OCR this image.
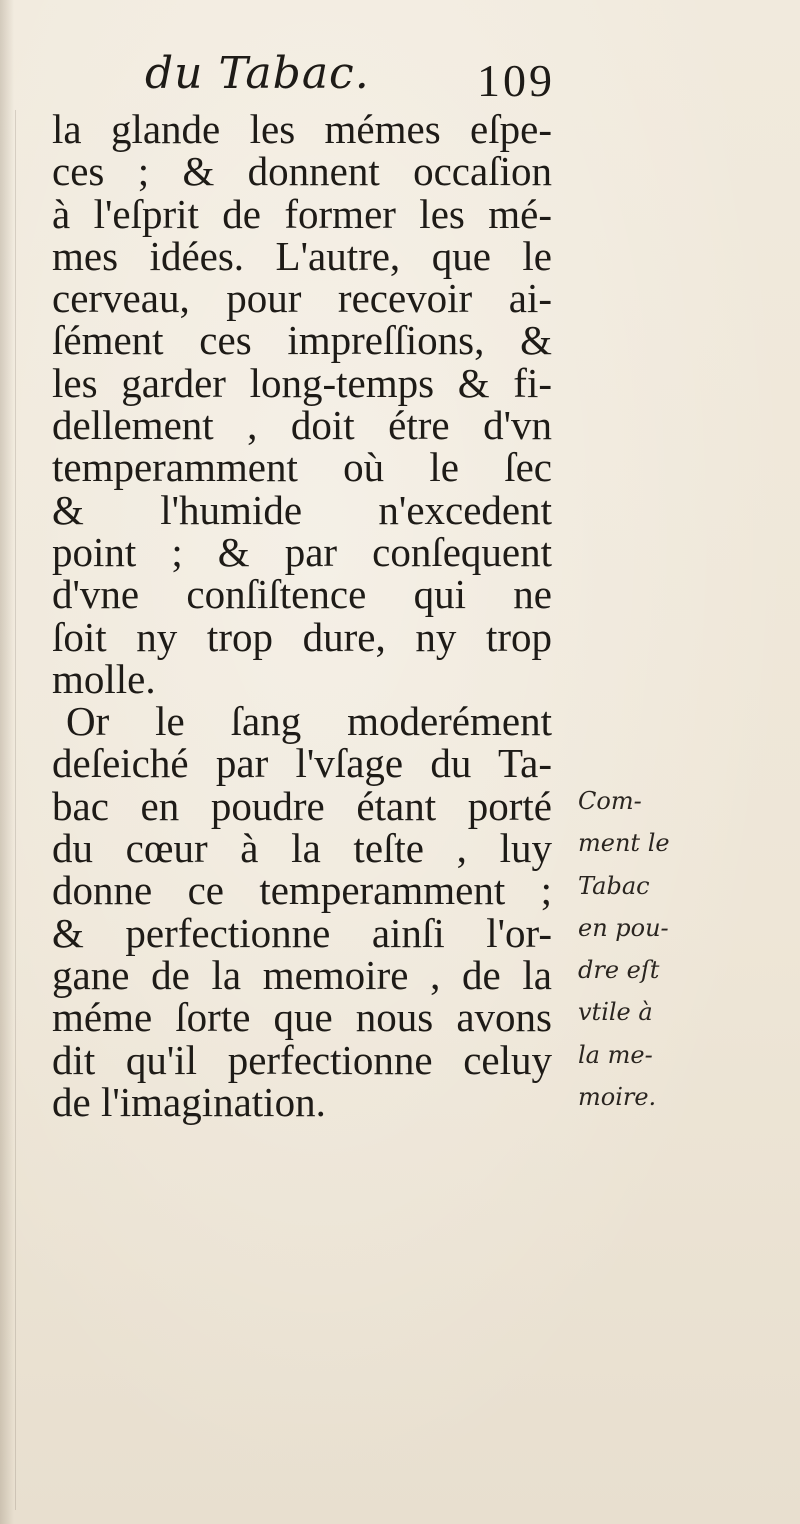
du Tabac. 109
la glande les mémes eſpe-
ces ; & donnent occaſion
à l'eſprit de former les mé-
mes idées. L'autre, que le
cerveau, pour recevoir ai-
ſément ces impreſſions, &
les garder long-temps & fi-
dellement , doit étre d'vn
temperamment où le ſec
& l'humide n'excedent
point ; & par conſequent
d'vne conſiſtence qui ne
ſoit ny trop dure, ny trop
molle.
Or le ſang moderément
deſeiché par l'vſage du Ta-
bac en poudre étant porté
du cœur à la teſte , luy
donne ce temperamment ;
& perfectionne ainſi l'or-
gane de la memoire , de la
méme ſorte que nous avons
dit qu'il perfectionne celuy
de l'imagination.
Com-
ment le
Tabac
en pou-
dre eſt
vtile à
la me-
moire.
